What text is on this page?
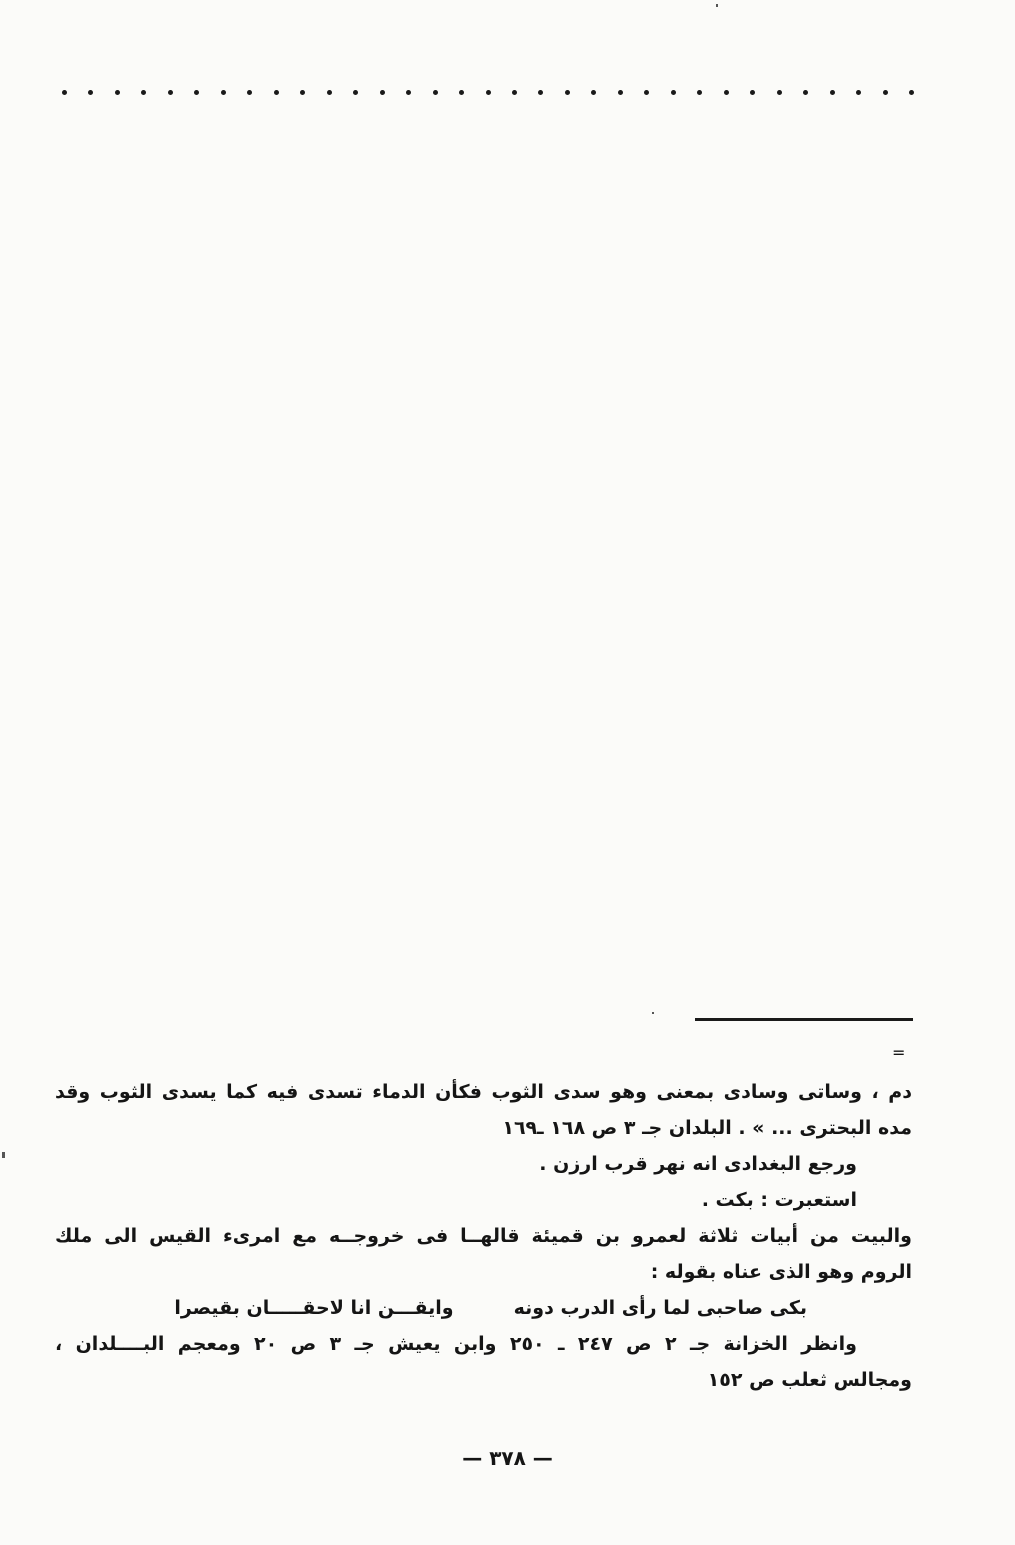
=
دم ، وساتى وسادى بمعنى وهو سدى الثوب فكأن الدماء تسدى فيه كما يسدى الثوب وقد
مده البحترى ... » . البلدان جـ ٣ ص ١٦٨ ـ١٦٩
ورجع البغدادى انه نهر قرب ارزن .
استعبرت : بكت .
والبيت من أبيات ثلاثة لعمرو بن قميئة قالهــا فى خروجــه مع امرىء القيس الى ملك
الروم وهو الذى عناه بقوله :
بكى صاحبى لما رأى الدرب دونه
وايقـــن انا لاحقـــــان بقيصرا
وانظر الخزانة جـ ٢ ص ٢٤٧ ـ ٢٥٠ وابن يعيش جـ ٣ ص ٢٠ ومعجم البــــلدان ،
ومجالس ثعلب ص ١٥٢
— ٣٧٨ —
